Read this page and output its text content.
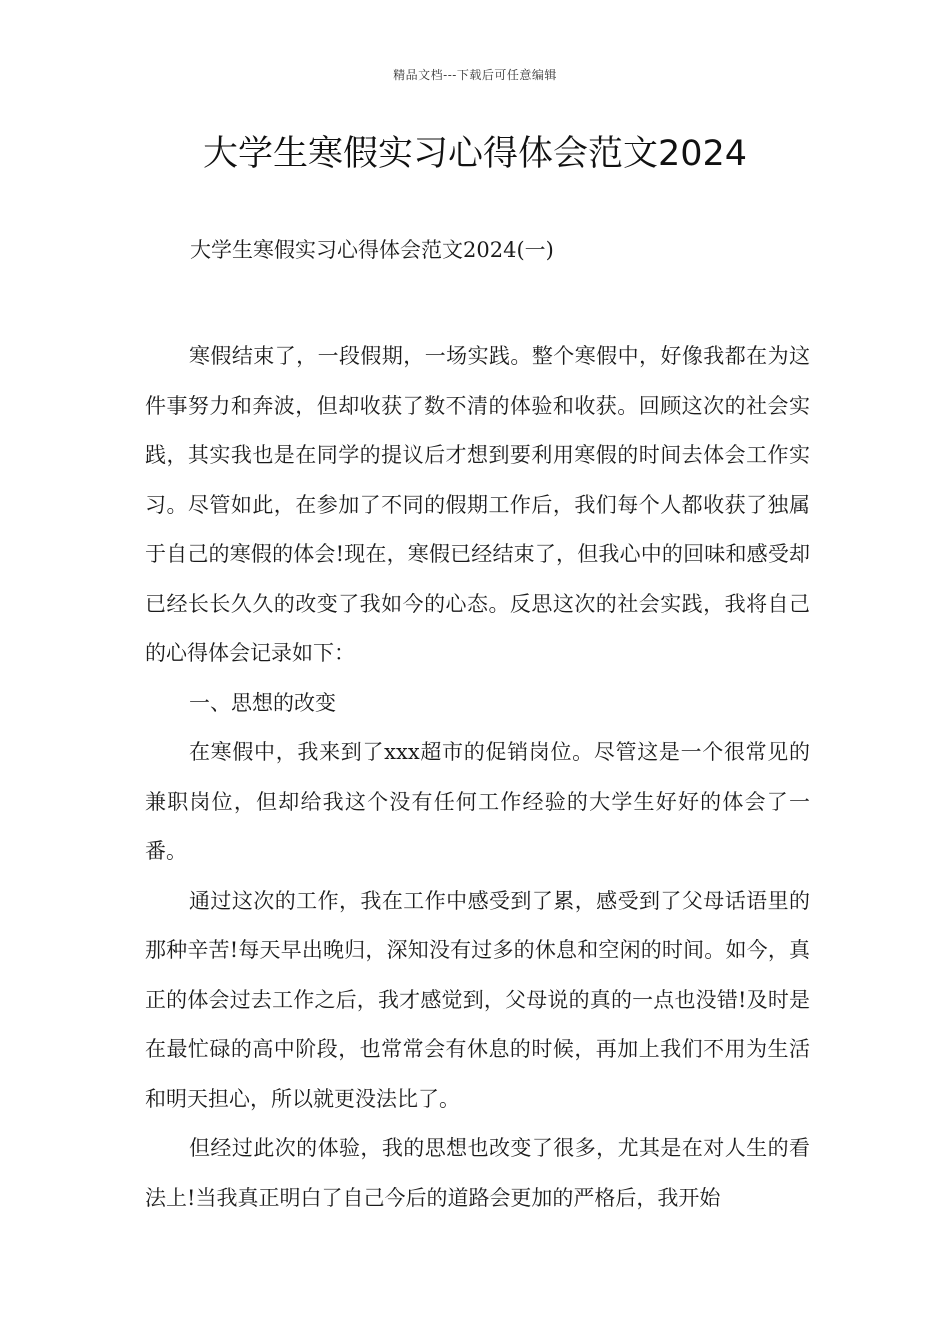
精品文档---下载后可任意编辑
大学生寒假实习心得体会范文2024

大学生寒假实习心得体会范文2024(一)

寒假结束了，一段假期，一场实践。整个寒假中，好像我都在为这件事努力和奔波，但却收获了数不清的体验和收获。回顾这次的社会实践，其实我也是在同学的提议后才想到要利用寒假的时间去体会工作实习。尽管如此，在参加了不同的假期工作后，我们每个人都收获了独属于自己的寒假的体会!现在，寒假已经结束了，但我心中的回味和感受却已经长长久久的改变了我如今的心态。反思这次的社会实践，我将自己的心得体会记录如下：

一、思想的改变

在寒假中，我来到了xxx超市的促销岗位。尽管这是一个很常见的兼职岗位，但却给我这个没有任何工作经验的大学生好好的体会了一番。

通过这次的工作，我在工作中感受到了累，感受到了父母话语里的那种辛苦!每天早出晚归，深知没有过多的休息和空闲的时间。如今，真正的体会过去工作之后，我才感觉到，父母说的真的一点也没错!及时是在最忙碌的高中阶段，也常常会有休息的时候，再加上我们不用为生活和明天担心，所以就更没法比了。

但经过此次的体验，我的思想也改变了很多，尤其是在对人生的看法上!当我真正明白了自己今后的道路会更加的严格后，我开始
